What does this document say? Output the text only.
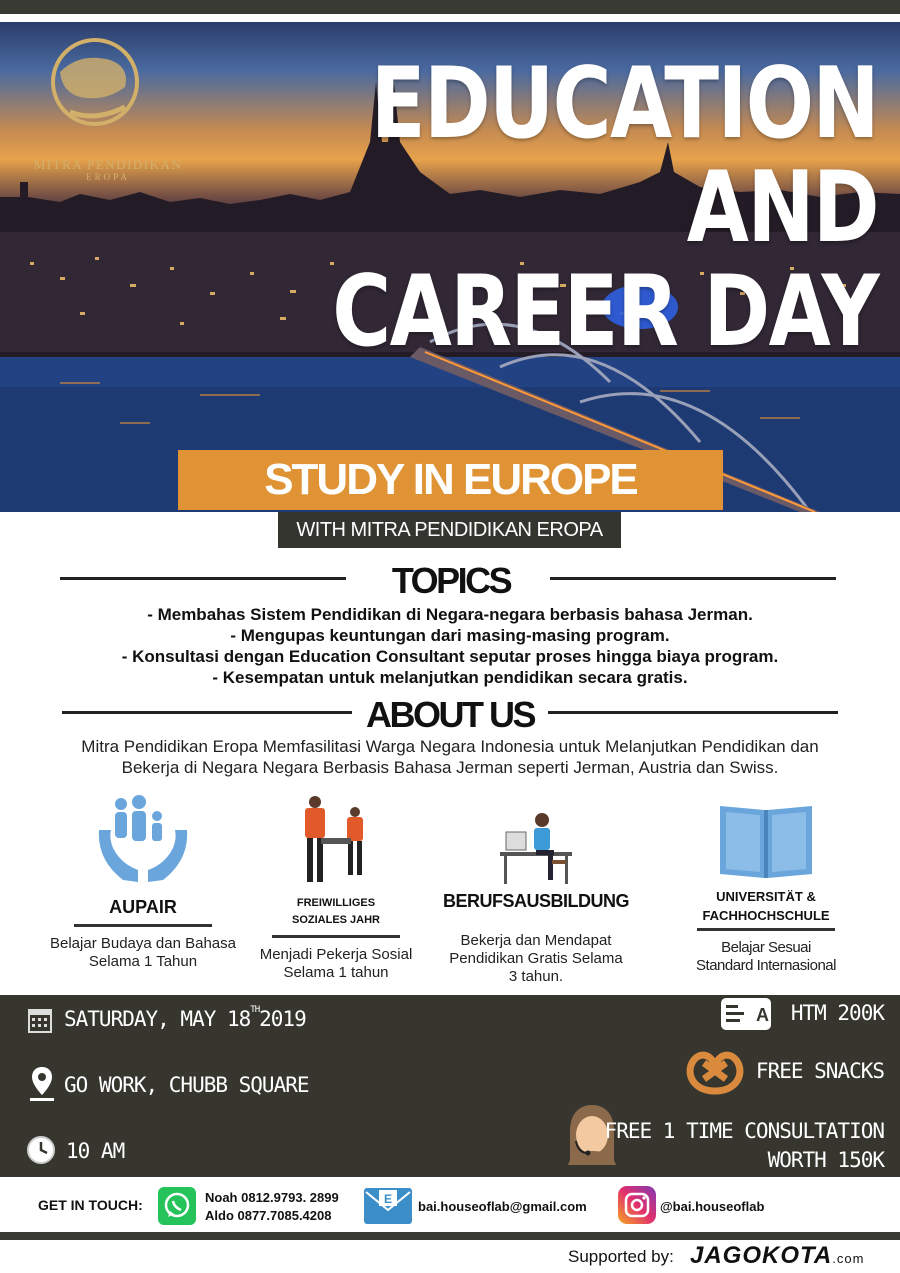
MITRA PENDIDIKAN
EROPA
EDUCATION AND
CAREER DAY
STUDY IN EUROPE
WITH MITRA PENDIDIKAN EROPA
TOPICS
- Membahas Sistem Pendidikan di Negara-negara berbasis bahasa Jerman.
- Mengupas keuntungan dari masing-masing program.
- Konsultasi dengan Education Consultant seputar proses hingga biaya program.
- Kesempatan untuk melanjutkan pendidikan secara gratis.
ABOUT US
Mitra Pendidikan Eropa Memfasilitasi Warga Negara Indonesia untuk Melanjutkan Pendidikan dan
Bekerja di Negara Negara Berbasis Bahasa Jerman seperti Jerman, Austria dan Swiss.
AUPAIR
Belajar Budaya dan Bahasa
Selama 1 Tahun
FREIWILLIGES
SOZIALES JAHR
Menjadi Pekerja Sosial
Selama 1 tahun
BERUFSAUSBILDUNG
Bekerja dan Mendapat
Pendidikan Gratis Selama
3 tahun.
UNIVERSITÄT &
FACHHOCHSCHULE
Belajar Sesuai
Standard Internasional
SATURDAY, MAY 18TH2019
GO WORK, CHUBB SQUARE
10 AM
A HTM 200K
FREE SNACKS
FREE 1 TIME CONSULTATION
WORTH 150K
GET IN TOUCH:	Noah 0812.9793. 2899
Aldo 0877.7085.4208
E bai.houseoflab@gmail.com	@bai.houseoflab
Supported by: JAGOKOTA.com
